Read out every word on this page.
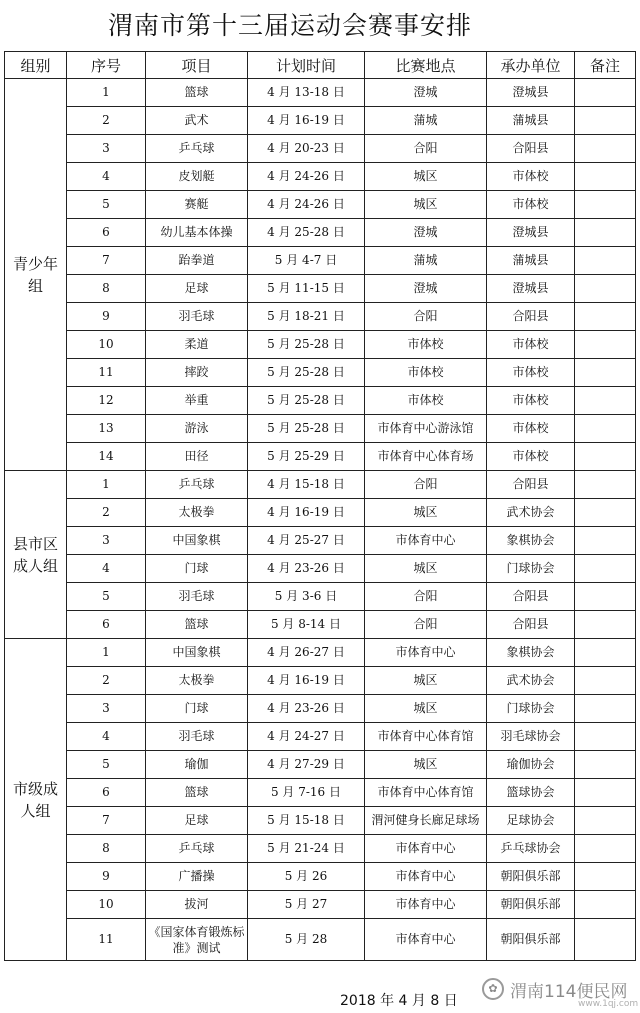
渭南市第十三届运动会赛事安排
组别	序号	项目	计划时间	比赛地点	承办单位	备注
青少年组	1	篮球	4 月 13-18 日	澄城	澄城县	
	2	武术	4 月 16-19 日	蒲城	蒲城县	
	3	乒乓球	4 月 20-23 日	合阳	合阳县	
	4	皮划艇	4 月 24-26 日	城区	市体校	
	5	赛艇	4 月 24-26 日	城区	市体校	
	6	幼儿基本体操	4 月 25-28 日	澄城	澄城县	
	7	跆拳道	5 月 4-7 日	蒲城	蒲城县	
	8	足球	5 月 11-15 日	澄城	澄城县	
	9	羽毛球	5 月 18-21 日	合阳	合阳县	
	10	柔道	5 月 25-28 日	市体校	市体校	
	11	摔跤	5 月 25-28 日	市体校	市体校	
	12	举重	5 月 25-28 日	市体校	市体校	
	13	游泳	5 月 25-28 日	市体育中心游泳馆	市体校	
	14	田径	5 月 25-29 日	市体育中心体育场	市体校	
县市区成人组	1	乒乓球	4 月 15-18 日	合阳	合阳县	
	2	太极拳	4 月 16-19 日	城区	武术协会	
	3	中国象棋	4 月 25-27 日	市体育中心	象棋协会	
	4	门球	4 月 23-26 日	城区	门球协会	
	5	羽毛球	5 月 3-6 日	合阳	合阳县	
	6	篮球	5 月 8-14 日	合阳	合阳县	
市级成人组	1	中国象棋	4 月 26-27 日	市体育中心	象棋协会	
	2	太极拳	4 月 16-19 日	城区	武术协会	
	3	门球	4 月 23-26 日	城区	门球协会	
	4	羽毛球	4 月 24-27 日	市体育中心体育馆	羽毛球协会	
	5	瑜伽	4 月 27-29 日	城区	瑜伽协会	
	6	篮球	5 月 7-16 日	市体育中心体育馆	篮球协会	
	7	足球	5 月 15-18 日	渭河健身长廊足球场	足球协会	
	8	乒乓球	5 月 21-24 日	市体育中心	乒乓球协会	
	9	广播操	5 月 26	市体育中心	朝阳俱乐部	
	10	拔河	5 月 27	市体育中心	朝阳俱乐部	
	11	《国家体育锻炼标准》测试	5 月 28	市体育中心	朝阳俱乐部	
2018 年 4 月 8 日
✿ 渭南114便民网
www.1qj.com
